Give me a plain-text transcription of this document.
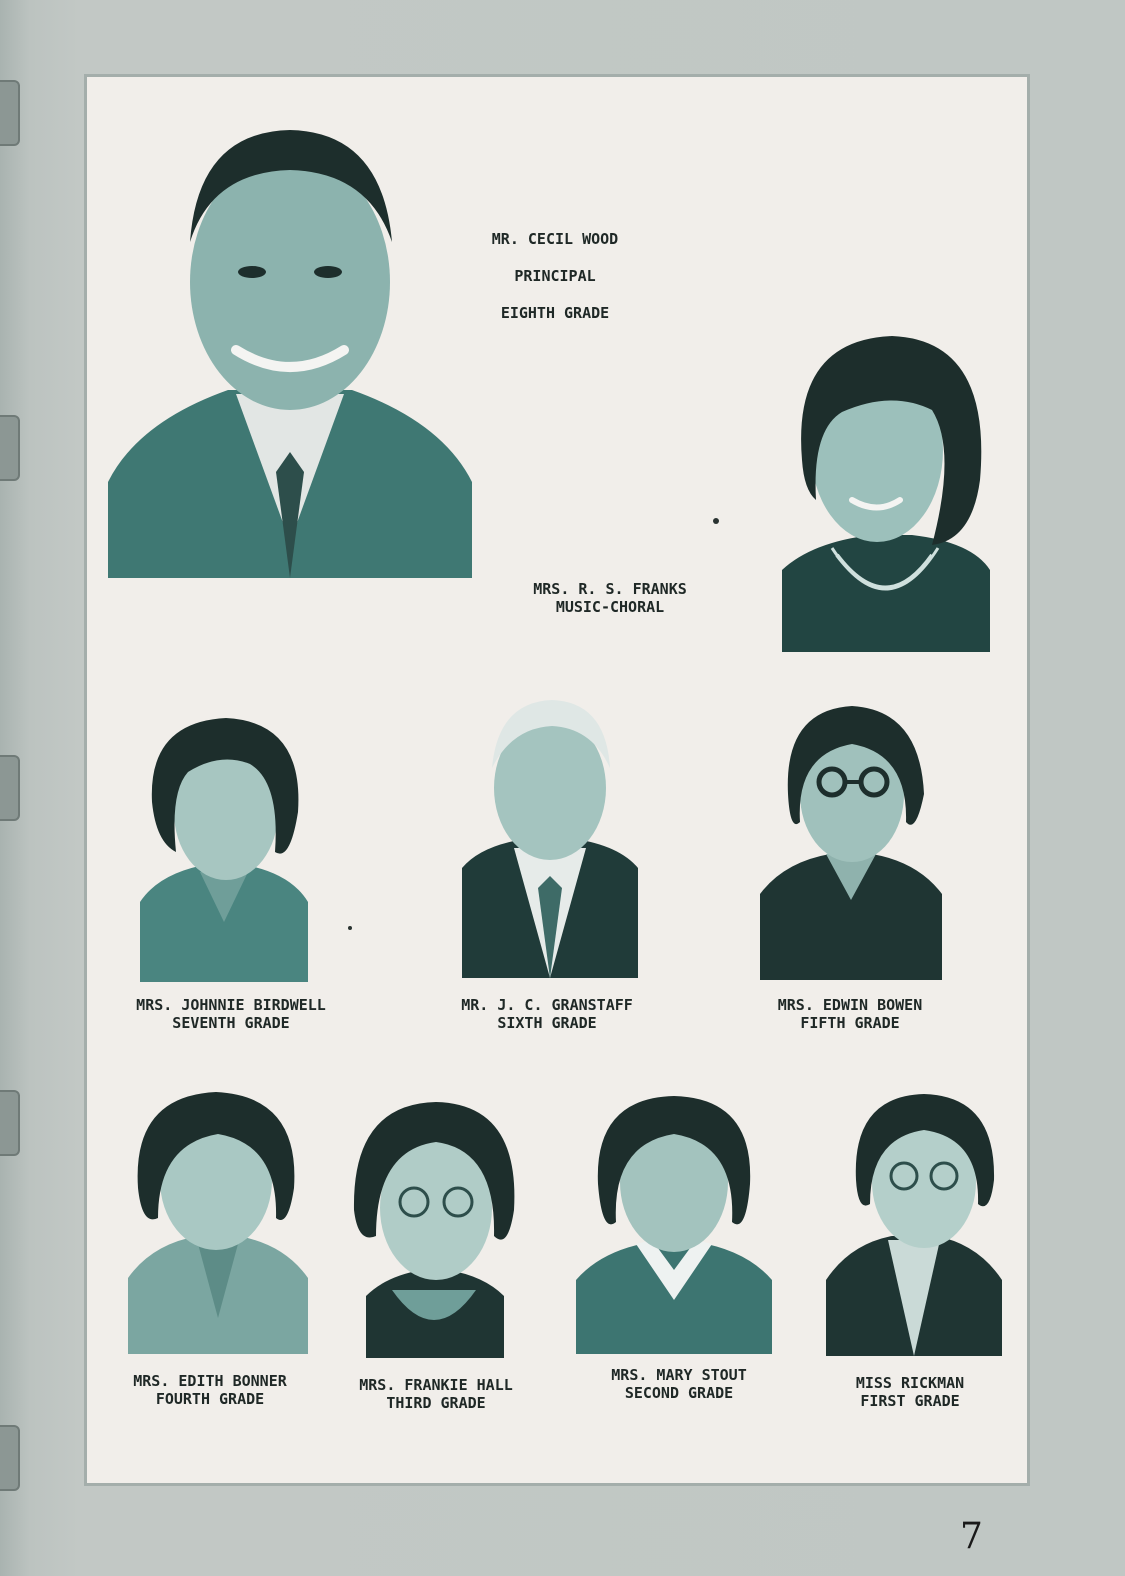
MR. CECIL WOOD
PRINCIPAL
EIGHTH GRADE
MRS. R. S. FRANKS
MUSIC-CHORAL
MRS. JOHNNIE BIRDWELL
SEVENTH GRADE
MR. J. C. GRANSTAFF
SIXTH GRADE
MRS. EDWIN BOWEN
FIFTH GRADE
MRS. EDITH BONNER
FOURTH GRADE
MRS. FRANKIE HALL
THIRD GRADE
MRS. MARY STOUT
SECOND GRADE
MISS RICKMAN
FIRST GRADE
7
